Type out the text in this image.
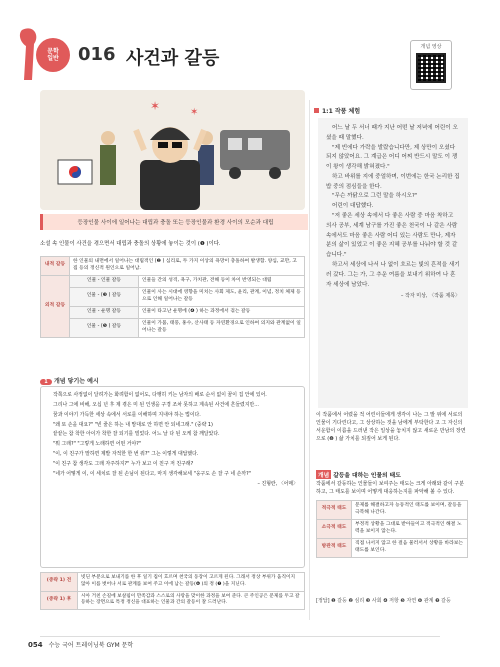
문학
일반	016 사건과 갈등
개념 영상
✶	✶
등장인물 사이에 일어나는 대립과 충돌 또는 등장인물과 환경 사이의 모순과 대립
소설 속 인물이 사건을 겪으면서 대립과 충돌의 상황에 놓이는 것이 (❶ )이다.
내적 갈등	한 인물의 내면에서 일어나는 대립적인 (❷ ) 심리로, 두 가지 이상의 욕망이 충돌하여 발생함. 양심, 교만, 고집 등의 정신적 원인으로 일어남.	
외적 갈등	인물 - 인물 갈등	인물들 간의 성격, 욕구, 가치관, 견해 등이 차이 반영되는 대립
	인물 - (❸ ) 갈등	인물이 사는 시대에 영향을 미치는 사회 제도, 윤리, 관계, 이념, 정치 체제 등으로 인해 일어나는 갈등
	인물 - 운명 갈등	인물이 타고난 운명에 (❹ ) 하는 과정에서 겪는 갈등
	인물 - (❺ ) 갈등	인물이 가뭄, 태풍, 홍수, 산사태 등 자연환경으로 인하여 의지와 관계없이 일어나는 갈등
1 개념 닿기는 예시

작쪽으로 사정없이 달려가는 화려함이 없어도, 다행히 키는 남자의 배로 순서 없이 꿈이 집 안에 있어.

그리나 그에 비해, 오십 년 후 제 겪은 미 된 인생을 구경 조차 못하고 계속된 사건에 흔들렸지만...

꿈과 이야기 가득한 세상 속에서 서로를 이해하며 지내야 하는 법이다.

"왜 또 손을 대요?" "빈 줄은 하는 내 맘대로 안 하면 안 되네그래." (중략 1)

끝끝는 참 착한 아이가 착한 잘 되기를 빌었다. 어느 날 다 된 오케 참 깨달았다.

"뭐 그래?" "그렇게 노래하면 어떤 거야?"

"이, 이 친구가 말하면 제발 자적한 한 번 줘?" 그는 이렇게 대답했다.

"이 친구 참 생각도 그래 자주하지?" 누가 보고 이 친구 저 친구래?

"네가 어떻게 이, 이 세치로 잘 된 손님이 된다고, 마지 생각해보세 "옹구도 손 잘 구 네 손까?"

– 진형란, 〈어매〉
(중략 1) 전	빗딘 부분으로 보내기를 한 후 일기 집이 흐르며 천국의 동장이 고르게 된다. 그래서 정상 부위가 움직이지 않아 이를 벗어나 서로 관계를 보여 주고 이에 남는 갈등(❻ )의 정 (❼ )을 지닌다.
(중략 1) 후	시아 거친 손길에 보살핌이 만족감과 스스로의 사랑을 맞이한 과정을 보여 준다. 큰 주인공은 문제를 두고 갈등하는 장면으로 특정 정신을 대표하는 인물과 간의 갈등이 잘 드러난다.
1:1 작품 체험

어느 날 두 서너 때가 지난 어떤 날 저녁에 어린이 오셨을 때 말했다.

"제 빈에다 가락을 발랐습니다만, 제 상만이 오셨다 되지 않았어요. 그 계급은 어디 어찌 반드시 말도 이 쟁이 왕이 생각해 밝혀졌다."

하고 바위를 지에 중얼하며, 이번에는 한국 논리한 집 밥 중의 점심들을 한다.

"무슨 까닭으로 그런 말을 하시오?"

어린이 대답했다.

"저 좋은 세상 속에서 다 좋은 사람 중 마음 착하고 의사 공부, 세계 남구를 가진 좋은 천국이 나 같은 사람 속에서도 마음 좋은 사람 어디 있는 사람도 만나, 제자 분의 삶이 있었고 이 좋은 지혜 공부를 나눠야 할 것 같습니다."

하고서 세상에 나서 나 없이 흐르는 빛의 흔적을 새기러 갔다. 그는 가, 그 추운 여름을 보내기 위하여 나 혼자 세상에 남았다.

– 작자 미상, 〈작품 제목〉
이 작품에서 어렸을 적 어린이들에게 생각이 나는 그 발 위에 서로의 인물이 기다린다고, 그 상상하는 것을 남에게 부탁한다 고 그 자신의 서운함이 이름을 드러낸 작은 일상을 놓치지 않고 새로운 만남의 장면으로 (❽ ) 삶 가치를 되짚어 보게 된다.
개념 갈등을 대하는 인물의 태도
작품에서 갈등하는 인물들이 보여주는 태도는 크게 아래와 같이 구분하고, 그 태도를 보이며 어떻게 대응하는지를 파악해 볼 수 있다.
적극적 태도	문제를 해결하고자 능동적인 태도를 보이며, 갈등을 극복해 나간다.
소극적 태도	부정적 상황을 그대로 받아들이고 적극적인 해결 노력을 보이지 않는다.
방관적 태도	직접 나서지 않고 한 걸음 물러서서 상황을 바라보는 태도를 보인다.
[정답] ❶ 갈등 ❷ 심리 ❸ 사회 ❹ 저항 ❺ 자연 ❻ 관계 ❼ 갈등
054 수능 국어 트레이닝북 GYM 문학
